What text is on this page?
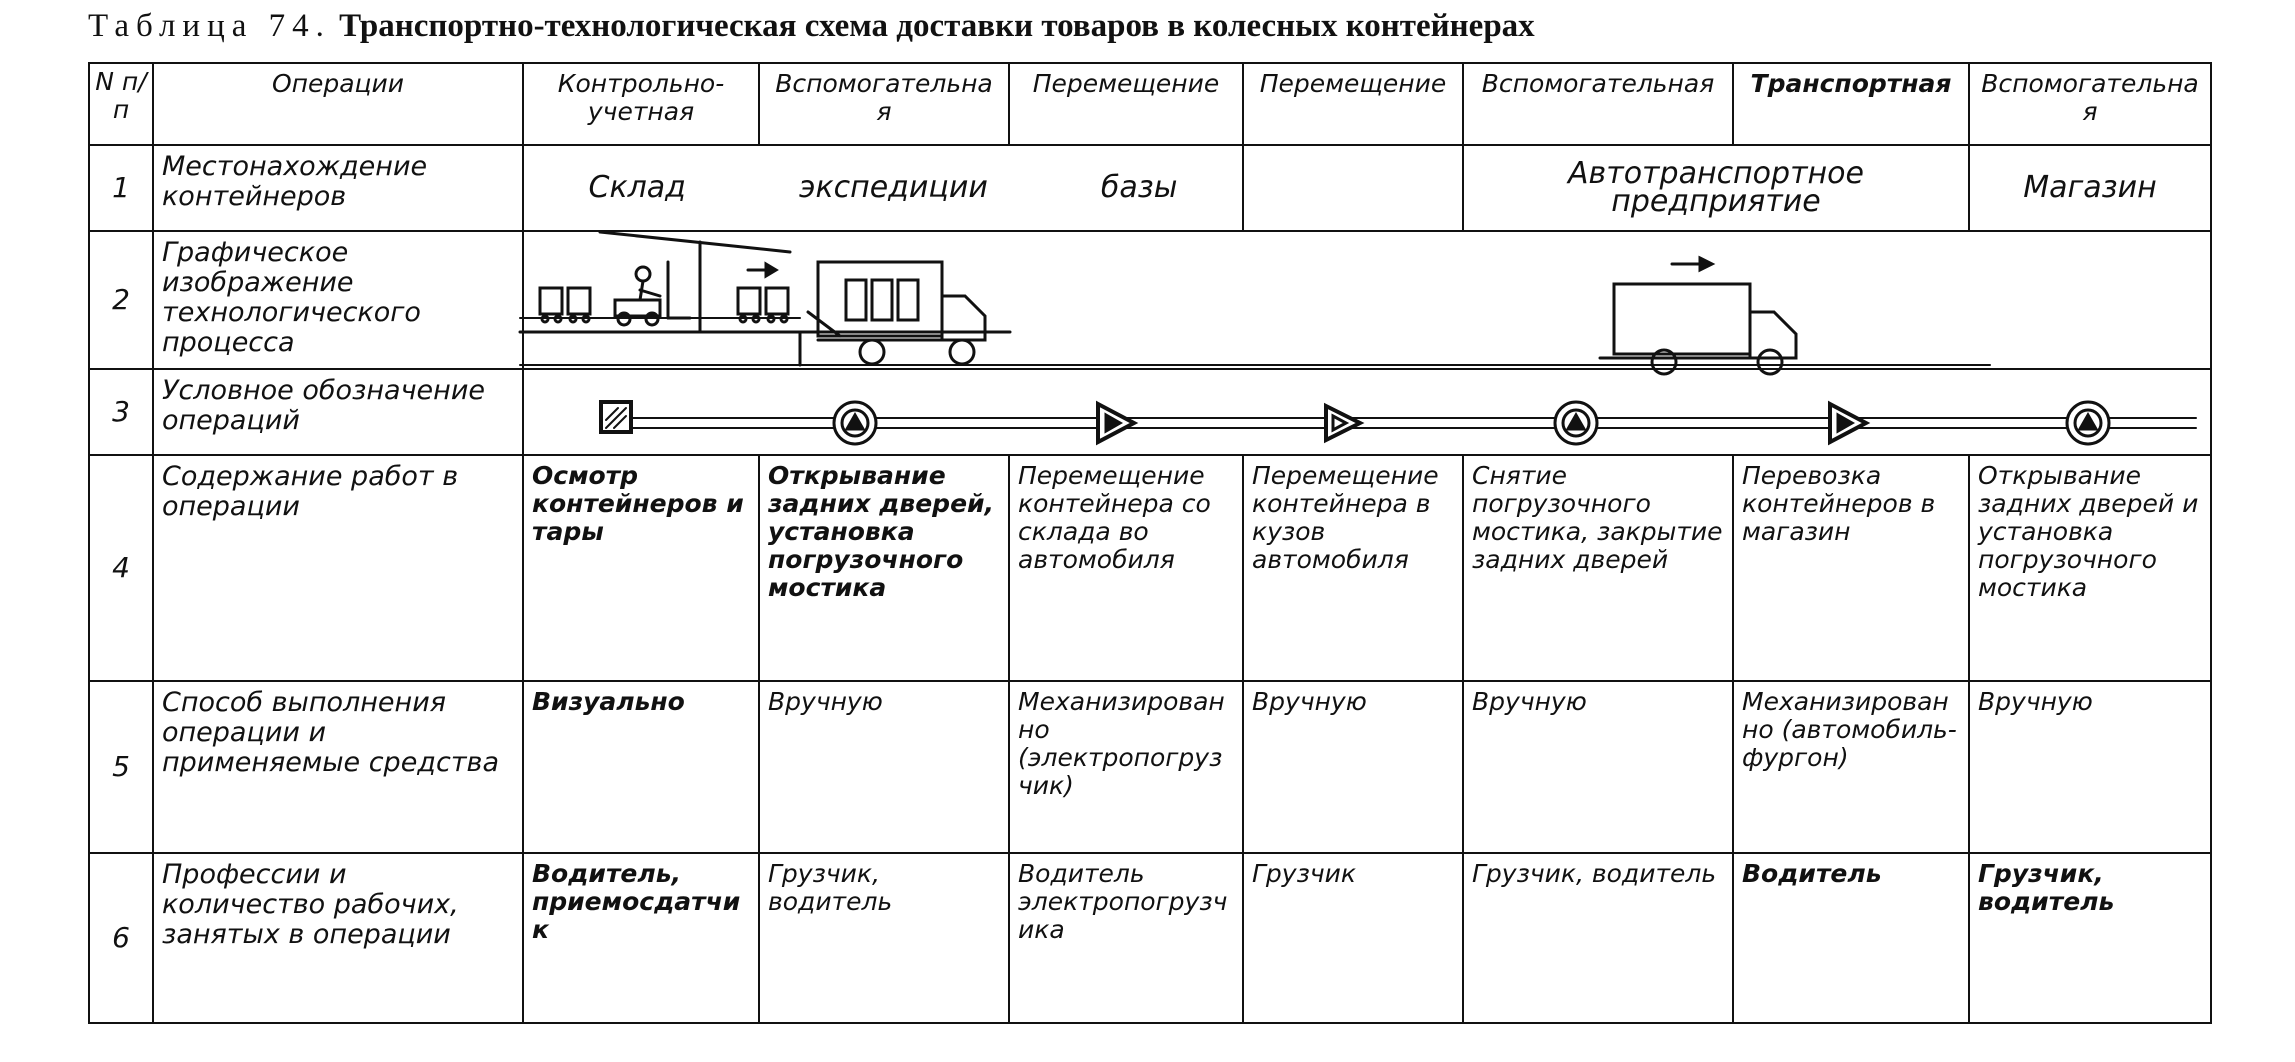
Таблица 74. Транспортно-технологическая схема доставки товаров в колесных контейнерах
N п/п	Операции	Контрольно-учетная	Вспомогательная	Перемещение	Перемещение	Вспомогательная	Транспортная	Вспомогательная
1	Местонахождение контейнеров	Склад экспедиции базы				Автотранспортное предприятие		Магазин
2	Графическое изображение технологического процесса							
3	Условное обозначение операций							
4	Содержание работ в операции	Осмотр контейнеров и тары	Открывание задних дверей, установка погрузочного мостика	Перемещение контейнера со склада во автомобиля	Перемещение контейнера в кузов автомобиля	Снятие погрузочного мостика, закрытие задних дверей	Перевозка контейнеров в магазин	Открывание задних дверей и установка погрузочного мостика
5	Способ выполнения операции и применяемые средства	Визуально	Вручную	Механизированно (электропогрузчик)	Вручную	Вручную	Механизированно (автомобиль-фургон)	Вручную
6	Профессии и количество рабочих, занятых в операции	Водитель, приемосдатчик	Грузчик, водитель	Водитель электропогрузчика	Грузчик	Грузчик, водитель	Водитель	Грузчик, водитель
